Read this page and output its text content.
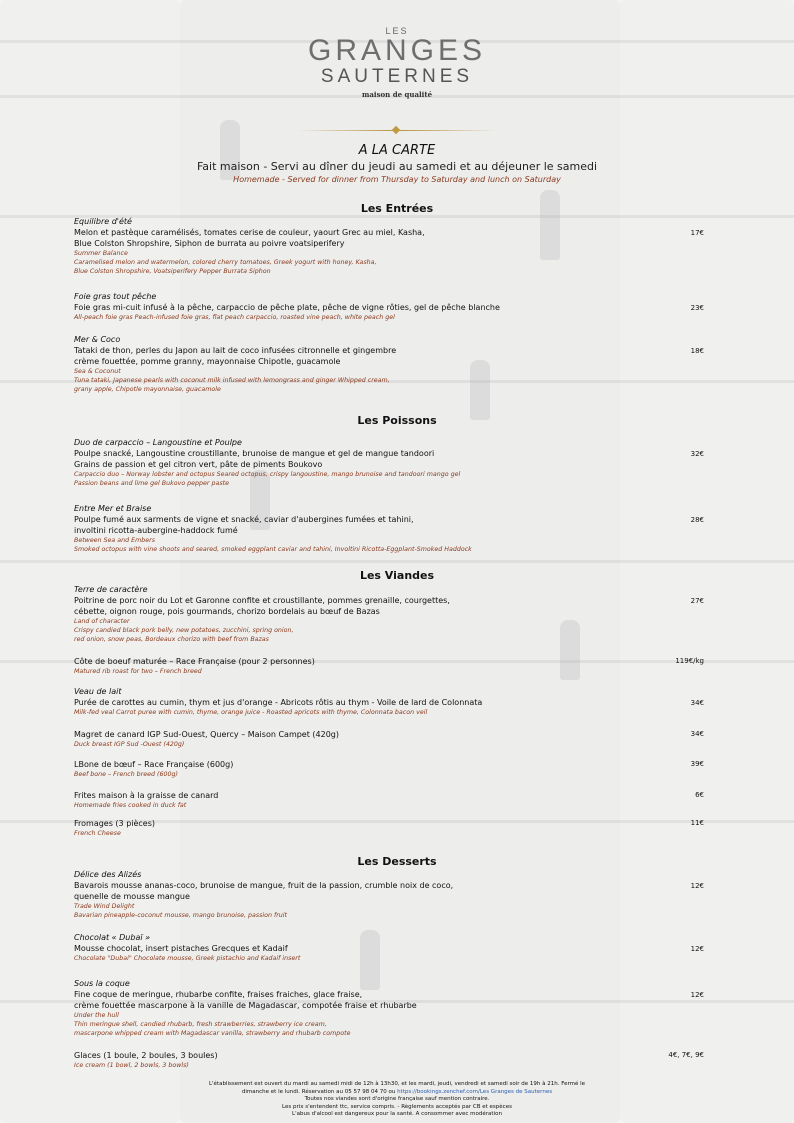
LES
GRANGES
SAUTERNES
maison de qualité
A LA CARTE
Fait maison - Servi au dîner du jeudi au samedi et au déjeuner le samedi
Homemade - Served for dinner from Thursday to Saturday and lunch on Saturday
Les Entrées
Les Poissons
Les Viandes
Les Desserts
Equilibre d'été
Melon et pastèque caramélisés, tomates cerise de couleur, yaourt Grec au miel, Kasha,
Blue Colston Shropshire, Siphon de burrata au poivre voatsiperifery
Summer Balance
Caramelised melon and watermelon, colored cherry tomatoes, Greek yogurt with honey, Kasha,
Blue Colston Shropshire, Voatsiperifery Pepper Burrata Siphon
17€
Foie gras tout pêche
Foie gras mi-cuit infusé à la pêche, carpaccio de pêche plate, pêche de vigne rôties, gel de pêche blanche
All-peach foie gras Peach-infused foie gras, flat peach carpaccio, roasted vine peach, white peach gel
23€
Mer & Coco
Tataki de thon, perles du Japon au lait de coco infusées citronnelle et gingembre
crème fouettée, pomme granny, mayonnaise Chipotle, guacamole
Sea & Coconut
Tuna tataki, Japanese pearls with coconut milk infused with lemongrass and ginger Whipped cream,
grany apple, Chipotle mayonnaise, guacamole
18€
Duo de carpaccio – Langoustine et Poulpe
Poulpe snacké, Langoustine croustillante, brunoise de mangue et gel de mangue tandoori
Grains de passion et gel citron vert, pâte de piments Boukovo
Carpaccio duo – Norway lobster and octopus Seared octopus, crispy langoustine, mango brunoise and tandoori mango gel
Passion beans and lime gel Bukovo pepper paste
32€
Entre Mer et Braise
Poulpe fumé aux sarments de vigne et snacké, caviar d'aubergines fumées et tahini,
involtini ricotta-aubergine-haddock fumé
Between Sea and Embers
Smoked octopus with vine shoots and seared, smoked eggplant caviar and tahini, Involtini Ricotta-Eggplant-Smoked Haddock
28€
Terre de caractère
Poitrine de porc noir du Lot et Garonne confite et croustillante, pommes grenaille, courgettes,
cébette, oignon rouge, pois gourmands, chorizo bordelais au bœuf de Bazas
Land of character
Crispy candied black pork belly, new potatoes, zucchini, spring onion,
red onion, snow peas, Bordeaux chorizo with beef from Bazas
27€
Côte de boeuf maturée – Race Française (pour 2 personnes)
Matured rib roast for two – French breed
119€/kg
Veau de lait
Purée de carottes au cumin, thym et jus d'orange - Abricots rôtis au thym - Voile de lard de Colonnata
Milk-fed veal Carrot puree with cumin, thyme, orange juice - Roasted apricots with thyme, Colonnata bacon veil
34€
Magret de canard IGP Sud-Ouest, Quercy – Maison Campet (420g)
Duck breast IGP Sud -Ouest (420g)
34€
LBone de bœuf – Race Française (600g)
Beef bone – French breed (600g)
39€
Frites maison à la graisse de canard
Homemade fries cooked in duck fat
6€
Fromages (3 pièces)
French Cheese
11€
Délice des Alizés
Bavarois mousse ananas-coco, brunoise de mangue, fruit de la passion, crumble noix de coco,
quenelle de mousse mangue
Trade Wind Delight
Bavarian pineapple-coconut mousse, mango brunoise, passion fruit
12€
Chocolat « Dubaï »
Mousse chocolat, insert pistaches Grecques et Kadaif
Chocolate "Dubai" Chocolate mousse, Greek pistachio and Kadaif insert
12€
Sous la coque
Fine coque de meringue, rhubarbe confite, fraises fraiches, glace fraise,
crème fouettée mascarpone à la vanille de Magadascar, compotée fraise et rhubarbe
Under the hull
Thin meringue shell, candied rhubarb, fresh strawberries, strawberry ice cream,
mascarpone whipped cream with Magadascar vanilla, strawberry and rhubarb compote
12€
Glaces (1 boule, 2 boules, 3 boules)
Ice cream (1 bowl, 2 bowls, 3 bowls)
4€, 7€, 9€
L'établissement est ouvert du mardi au samedi midi de 12h à 13h30, et les mardi, jeudi, vendredi et samedi soir de 19h à 21h. Fermé le
dimanche et le lundi. Réservation au 05 57 98 04 70 ou https://bookings.zenchef.com/Les Granges de Sauternes
Toutes nos viandes sont d'origine française sauf mention contraire.
Les prix s'entendent ttc, service compris. - Règlements acceptés par CB et espèces
L'abus d'alcool est dangereux pour la santé. A consommer avec modération
